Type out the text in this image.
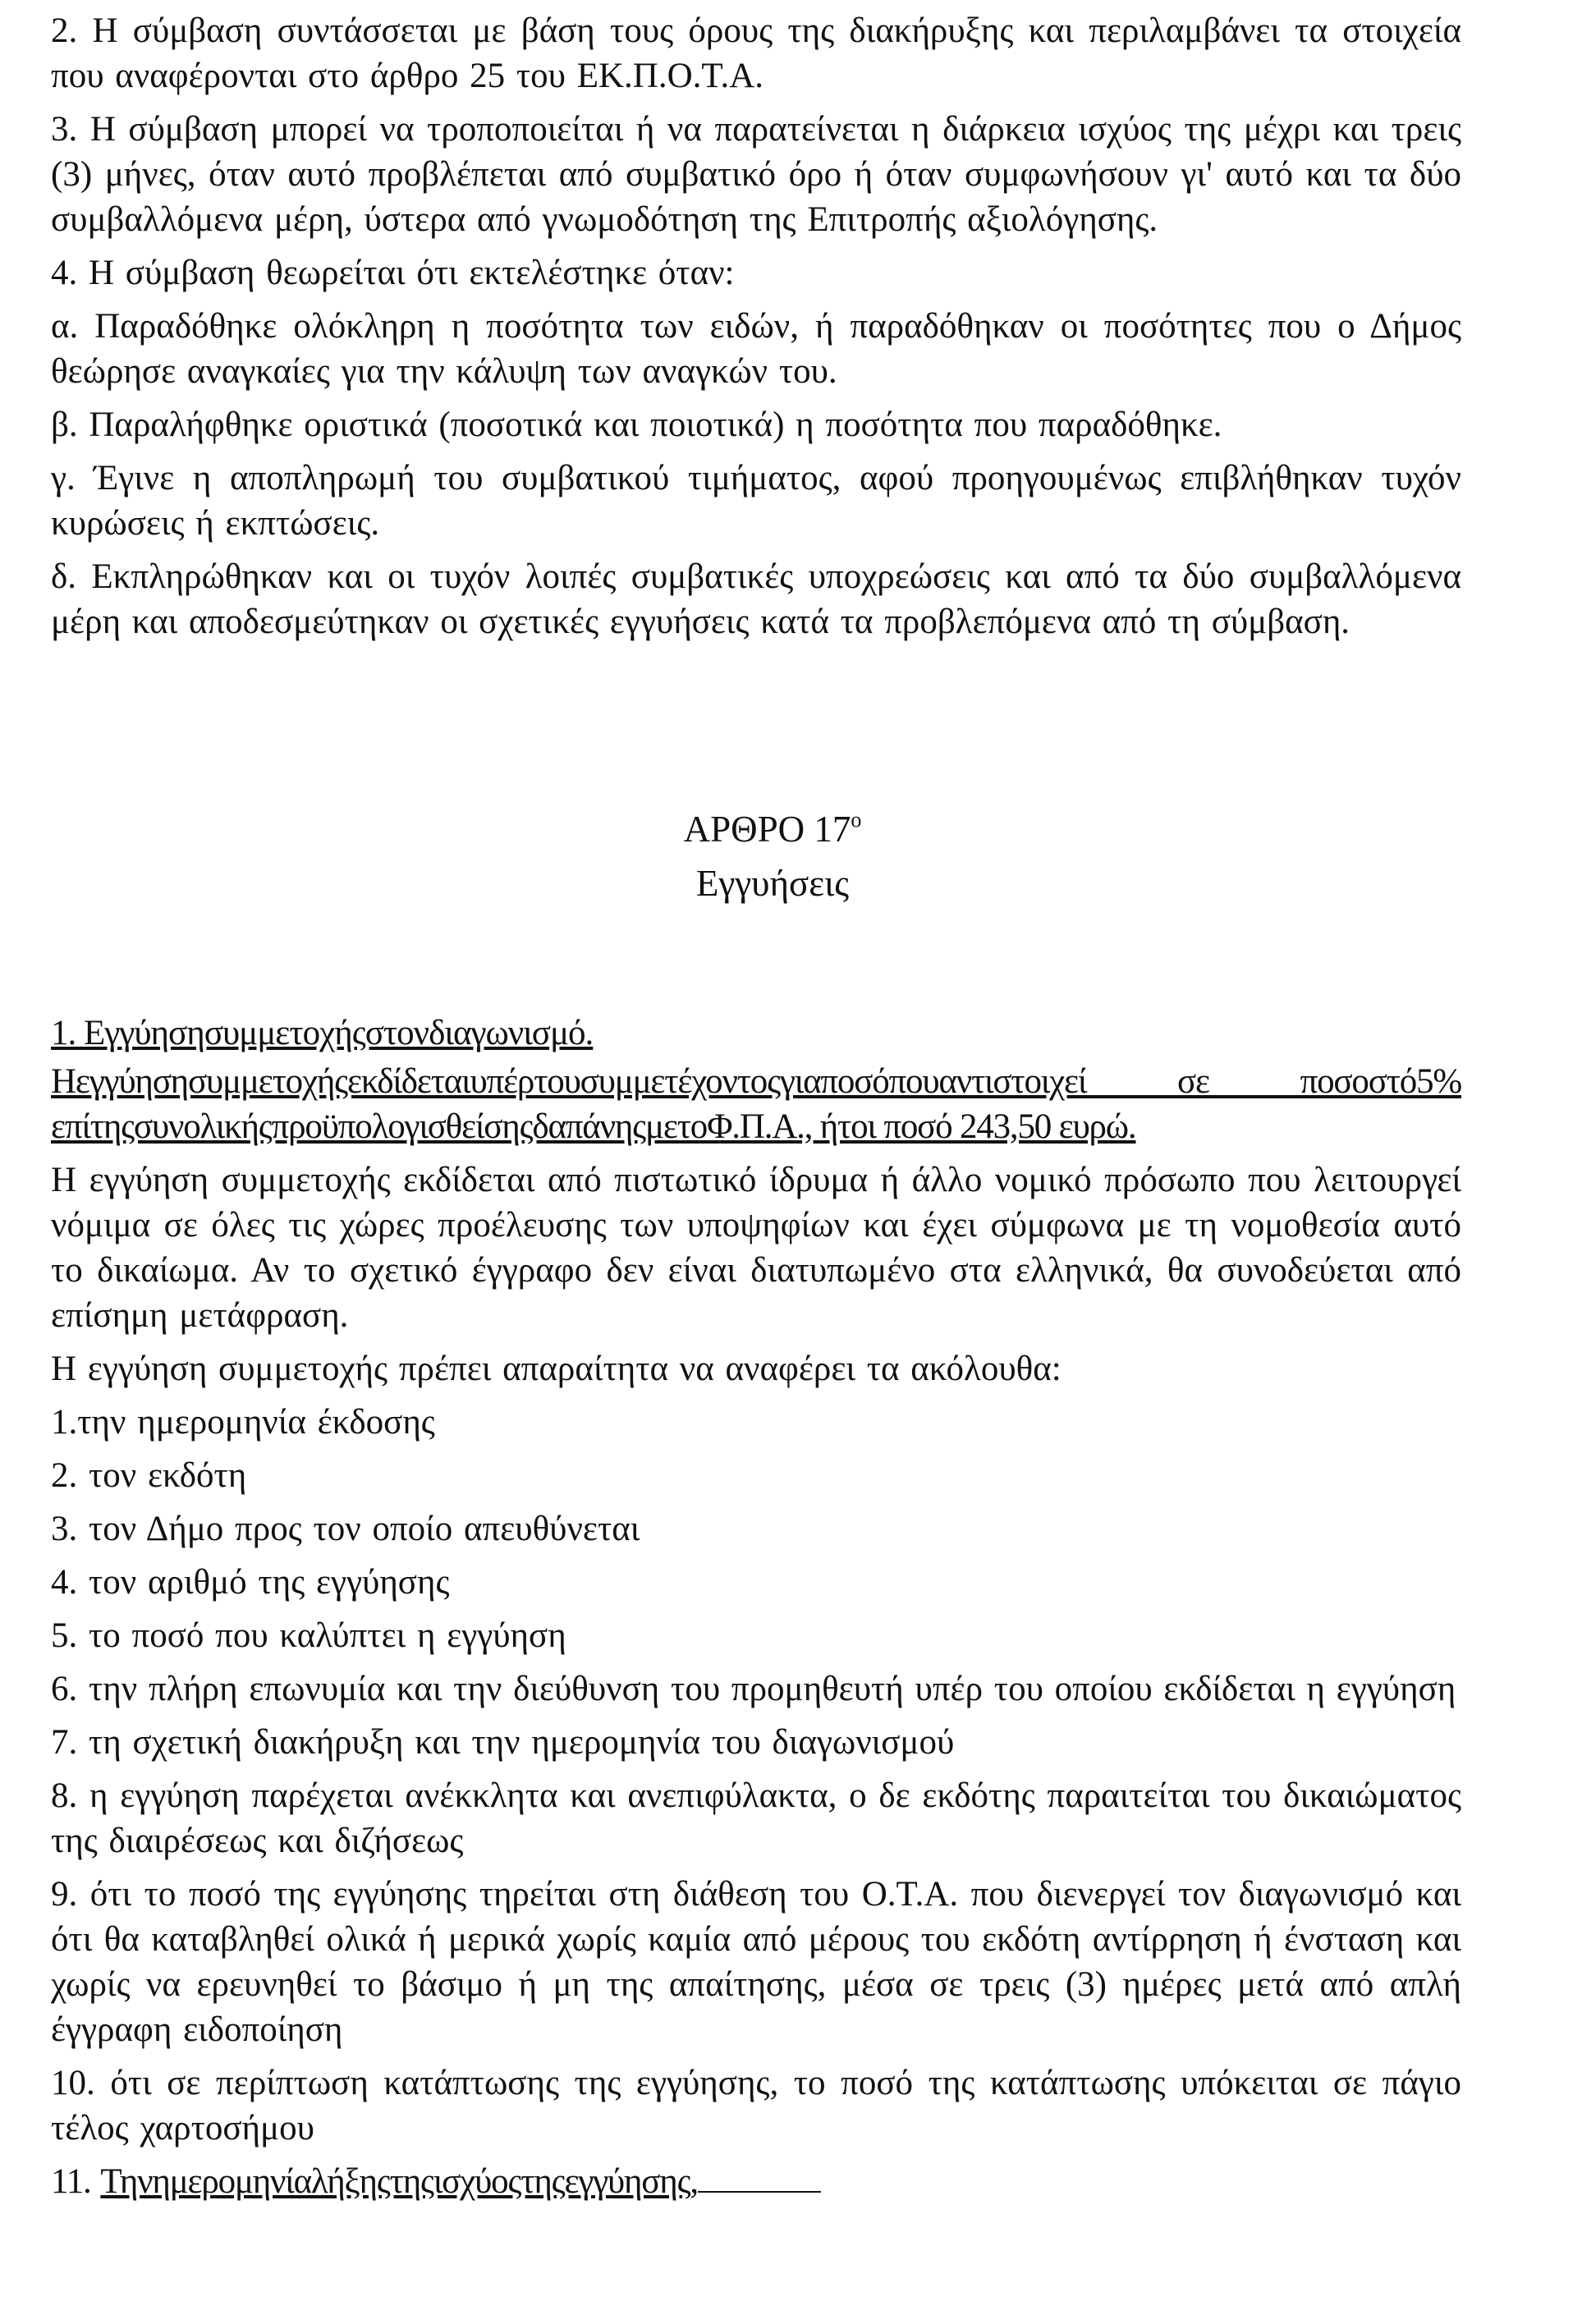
2. Η σύμβαση συντάσσεται με βάση τους όρους της διακήρυξης και περιλαμβάνει τα στοιχεία που αναφέρονται στο άρθρο 25 του ΕΚ.Π.Ο.Τ.Α.

3. Η σύμβαση μπορεί να τροποποιείται ή να παρατείνεται η διάρκεια ισχύος της μέχρι και τρεις (3) μήνες, όταν αυτό προβλέπεται από συμβατικό όρο ή όταν συμφωνήσουν γι' αυτό και τα δύο συμβαλλόμενα μέρη, ύστερα από γνωμοδότηση της Επιτροπής αξιολόγησης.

4. Η σύμβαση θεωρείται ότι εκτελέστηκε όταν:

α. Παραδόθηκε ολόκληρη η ποσότητα των ειδών, ή παραδόθηκαν οι ποσότητες που ο Δήμος θεώρησε αναγκαίες για την κάλυψη των αναγκών του.

β. Παραλήφθηκε οριστικά (ποσοτικά και ποιοτικά) η ποσότητα που παραδόθηκε.

γ. Έγινε η αποπληρωμή του συμβατικού τιμήματος, αφού προηγουμένως επιβλήθηκαν τυχόν κυρώσεις ή εκπτώσεις.

δ. Εκπληρώθηκαν και οι τυχόν λοιπές συμβατικές υποχρεώσεις και από τα δύο συμβαλλόμενα μέρη και αποδεσμεύτηκαν οι σχετικές εγγυήσεις κατά τα προβλεπόμενα από τη σύμβαση.

ΑΡΘΡΟ $17^o$

Εγγυήσεις

1. Εγγύησησυμμετοχήςστονδιαγωνισμό.

Ηεγγύησησυμμετοχήςεκδίδεταιυπέρτουσυμμετέχοντοςγιαποσόπουαντιστοιχεί σε ποσοστό5% επίτηςσυνολικήςπροϋπολογισθείσηςδαπάνηςμετοΦ.Π.Α., ήτοι ποσό 243,50 ευρώ.

Η εγγύηση συμμετοχής εκδίδεται από πιστωτικό ίδρυμα ή άλλο νομικό πρόσωπο που λειτουργεί νόμιμα σε όλες τις χώρες προέλευσης των υποψηφίων και έχει σύμφωνα με τη νομοθεσία αυτό το δικαίωμα. Αν το σχετικό έγγραφο δεν είναι διατυπωμένο στα ελληνικά, θα συνοδεύεται από επίσημη μετάφραση.

Η εγγύηση συμμετοχής πρέπει απαραίτητα να αναφέρει τα ακόλουθα:

1.την ημερομηνία έκδοσης

2. τον εκδότη

3. τον Δήμο προς τον οποίο απευθύνεται

4. τον αριθμό της εγγύησης

5. το ποσό που καλύπτει η εγγύηση

6. την πλήρη επωνυμία και την διεύθυνση του προμηθευτή υπέρ του οποίου εκδίδεται η εγγύηση

7. τη σχετική διακήρυξη και την ημερομηνία του διαγωνισμού

8. η εγγύηση παρέχεται ανέκκλητα και ανεπιφύλακτα, ο δε εκδότης παραιτείται του δικαιώματος της διαιρέσεως και διζήσεως

9. ότι το ποσό της εγγύησης τηρείται στη διάθεση του Ο.Τ.Α. που διενεργεί τον διαγωνισμό και ότι θα καταβληθεί ολικά ή μερικά χωρίς καμία από μέρους του εκδότη αντίρρηση ή ένσταση και χωρίς να ερευνηθεί το βάσιμο ή μη της απαίτησης, μέσα σε τρεις (3) ημέρες μετά από απλή έγγραφη ειδοποίηση

10. ότι σε περίπτωση κατάπτωσης της εγγύησης, το ποσό της κατάπτωσης υπόκειται σε πάγιο τέλος χαρτοσήμου

11. Τηνημερομηνίαλήξηςτηςισχύοςτηςεγγύησης,
